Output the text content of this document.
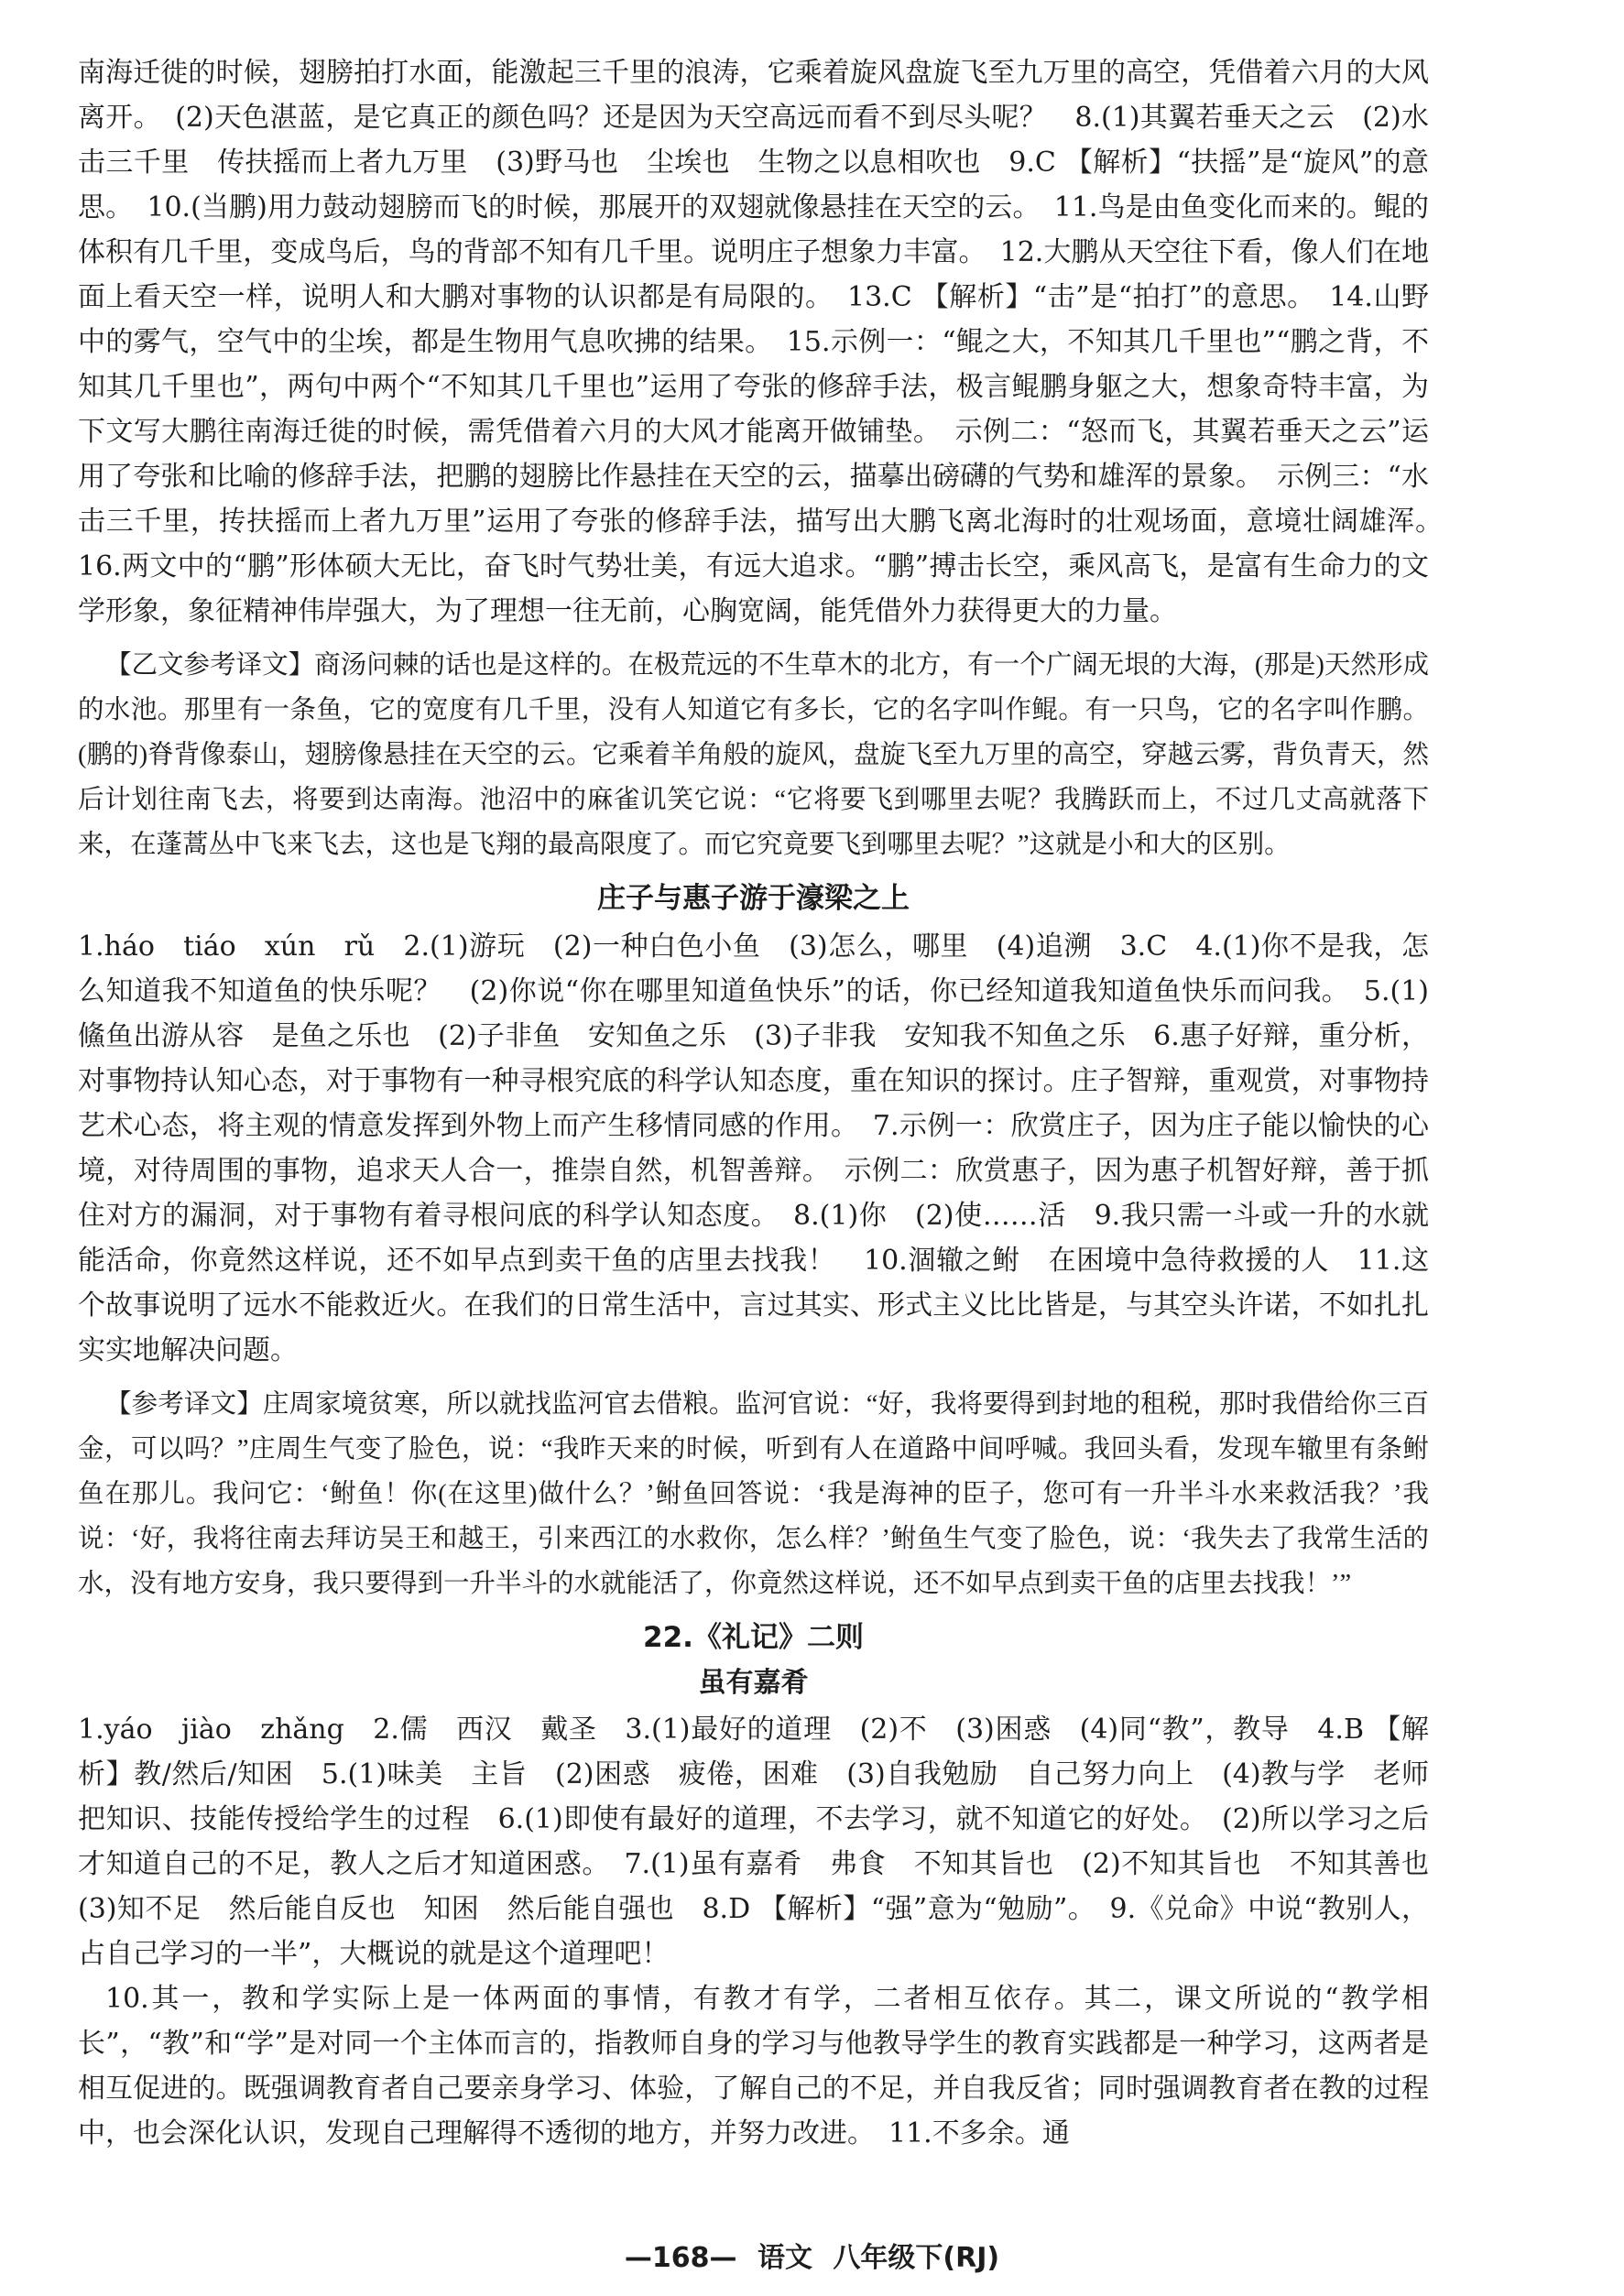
南海迁徙的时候，翅膀拍打水面，能激起三千里的浪涛，它乘着旋风盘旋飞至九万里的高空，凭借着六月的大风离开。　(2)天色湛蓝，是它真正的颜色吗？还是因为天空高远而看不到尽头呢？　8.(1)其翼若垂天之云　(2)水击三千里　传扶摇而上者九万里　(3)野马也　尘埃也　生物之以息相吹也　9.C 【解析】“扶摇”是“旋风”的意思。　10.(当鹏)用力鼓动翅膀而飞的时候，那展开的双翅就像悬挂在天空的云。　11.鸟是由鱼变化而来的。鲲的体积有几千里，变成鸟后，鸟的背部不知有几千里。说明庄子想象力丰富。　12.大鹏从天空往下看，像人们在地面上看天空一样，说明人和大鹏对事物的认识都是有局限的。　13.C 【解析】“击”是“拍打”的意思。　14.山野中的雾气，空气中的尘埃，都是生物用气息吹拂的结果。　15.示例一：“鲲之大，不知其几千里也”“鹏之背，不知其几千里也”，两句中两个“不知其几千里也”运用了夸张的修辞手法，极言鲲鹏身躯之大，想象奇特丰富，为下文写大鹏往南海迁徙的时候，需凭借着六月的大风才能离开做铺垫。　示例二：“怒而飞，其翼若垂天之云”运用了夸张和比喻的修辞手法，把鹏的翅膀比作悬挂在天空的云，描摹出磅礴的气势和雄浑的景象。　示例三：“水击三千里，抟扶摇而上者九万里”运用了夸张的修辞手法，描写出大鹏飞离北海时的壮观场面，意境壮阔雄浑。　16.两文中的“鹏”形体硕大无比，奋飞时气势壮美，有远大追求。“鹏”搏击长空，乘风高飞，是富有生命力的文学形象，象征精神伟岸强大，为了理想一往无前，心胸宽阔，能凭借外力获得更大的力量。

【乙文参考译文】商汤问棘的话也是这样的。在极荒远的不生草木的北方，有一个广阔无垠的大海，(那是)天然形成的水池。那里有一条鱼，它的宽度有几千里，没有人知道它有多长，它的名字叫作鲲。有一只鸟，它的名字叫作鹏。(鹏的)脊背像泰山，翅膀像悬挂在天空的云。它乘着羊角般的旋风，盘旋飞至九万里的高空，穿越云雾，背负青天，然后计划往南飞去，将要到达南海。池沼中的麻雀讥笑它说：“它将要飞到哪里去呢？我腾跃而上，不过几丈高就落下来，在蓬蒿丛中飞来飞去，这也是飞翔的最高限度了。而它究竟要飞到哪里去呢？”这就是小和大的区别。

庄子与惠子游于濠梁之上

1.háo　tiáo　xún　rǔ　2.(1)游玩　(2)一种白色小鱼　(3)怎么，哪里　(4)追溯　3.C　4.(1)你不是我，怎么知道我不知道鱼的快乐呢？　(2)你说“你在哪里知道鱼快乐”的话，你已经知道我知道鱼快乐而问我。　5.(1)鯈鱼出游从容　是鱼之乐也　(2)子非鱼　安知鱼之乐　(3)子非我　安知我不知鱼之乐　6.惠子好辩，重分析，对事物持认知心态，对于事物有一种寻根究底的科学认知态度，重在知识的探讨。庄子智辩，重观赏，对事物持艺术心态，将主观的情意发挥到外物上而产生移情同感的作用。　7.示例一：欣赏庄子，因为庄子能以愉快的心境，对待周围的事物，追求天人合一，推崇自然，机智善辩。　示例二：欣赏惠子，因为惠子机智好辩，善于抓住对方的漏洞，对于事物有着寻根问底的科学认知态度。　8.(1)你　(2)使……活　9.我只需一斗或一升的水就能活命，你竟然这样说，还不如早点到卖干鱼的店里去找我！　10.涸辙之鲋　在困境中急待救援的人　11.这个故事说明了远水不能救近火。在我们的日常生活中，言过其实、形式主义比比皆是，与其空头许诺，不如扎扎实实地解决问题。

【参考译文】庄周家境贫寒，所以就找监河官去借粮。监河官说：“好，我将要得到封地的租税，那时我借给你三百金，可以吗？”庄周生气变了脸色，说：“我昨天来的时候，听到有人在道路中间呼喊。我回头看，发现车辙里有条鲋鱼在那儿。我问它：‘鲋鱼！你(在这里)做什么？’鲋鱼回答说：‘我是海神的臣子，您可有一升半斗水来救活我？’我说：‘好，我将往南去拜访吴王和越王，引来西江的水救你，怎么样？’鲋鱼生气变了脸色，说：‘我失去了我常生活的水，没有地方安身，我只要得到一升半斗的水就能活了，你竟然这样说，还不如早点到卖干鱼的店里去找我！’”

22.《礼记》二则
虽有嘉肴

1.yáo　jiào　zhǎng　2.儒　西汉　戴圣　3.(1)最好的道理　(2)不　(3)困惑　(4)同“教”，教导　4.B 【解析】教/然后/知困　5.(1)味美　主旨　(2)困惑　疲倦，困难　(3)自我勉励　自己努力向上　(4)教与学　老师把知识、技能传授给学生的过程　6.(1)即使有最好的道理，不去学习，就不知道它的好处。　(2)所以学习之后才知道自己的不足，教人之后才知道困惑。　7.(1)虽有嘉肴　弗食　不知其旨也　(2)不知其旨也　不知其善也　(3)知不足　然后能自反也　知困　然后能自强也　8.D 【解析】“强”意为“勉励”。　9.《兑命》中说“教别人，占自己学习的一半”，大概说的就是这个道理吧！

10.其一，教和学实际上是一体两面的事情，有教才有学，二者相互依存。其二，课文所说的“教学相长”，“教”和“学”是对同一个主体而言的，指教师自身的学习与他教导学生的教育实践都是一种学习，这两者是相互促进的。既强调教育者自己要亲身学习、体验，了解自己的不足，并自我反省；同时强调教育者在教的过程中，也会深化认识，发现自己理解得不透彻的地方，并努力改进。　11.不多余。通

—168— 语文 八年级下(RJ)
